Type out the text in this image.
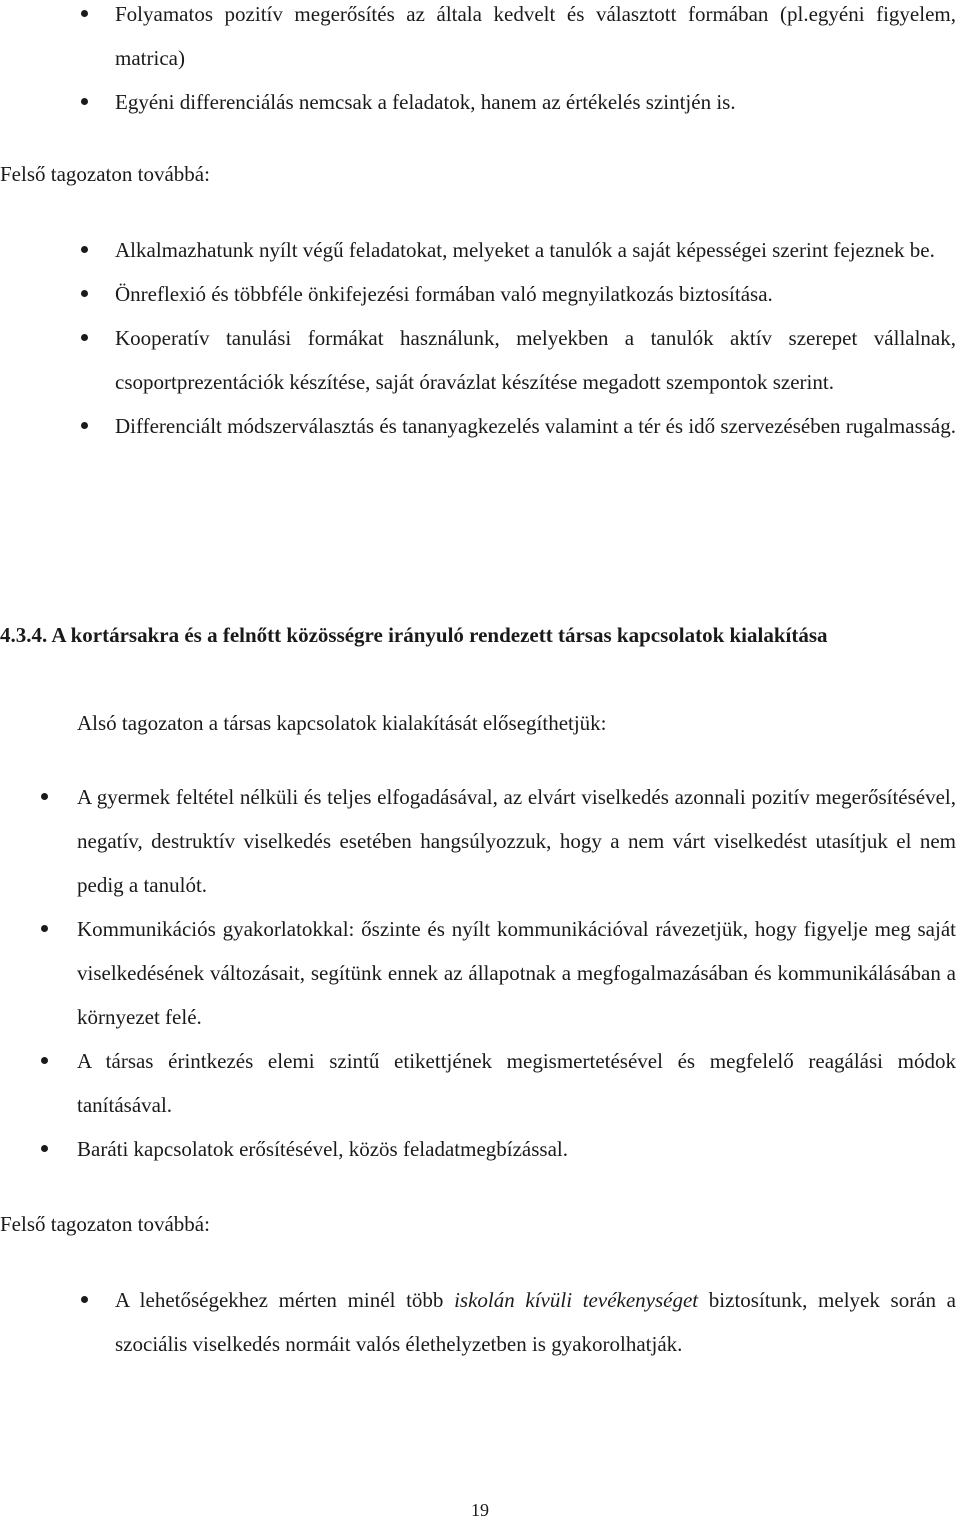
Folyamatos pozitív megerősítés az általa kedvelt és választott formában (pl.egyéni figyelem, matrica)
Egyéni differenciálás nemcsak a feladatok, hanem az értékelés szintjén is.
Felső tagozaton továbbá:
Alkalmazhatunk nyílt végű feladatokat, melyeket a tanulók a saját képességei szerint fejeznek be.
Önreflexió és többféle önkifejezési formában való megnyilatkozás biztosítása.
Kooperatív tanulási formákat használunk, melyekben a tanulók aktív szerepet vállalnak, csoportprezentációk készítése, saját óravázlat készítése megadott szempontok szerint.
Differenciált módszerválasztás és tananyagkezelés valamint a tér és idő szervezésében rugalmasság.
4.3.4. A kortársakra és a felnőtt közösségre irányuló rendezett társas kapcsolatok kialakítása
Alsó tagozaton a társas kapcsolatok kialakítását elősegíthetjük:
A gyermek feltétel nélküli és teljes elfogadásával, az elvárt viselkedés azonnali pozitív megerősítésével, negatív, destruktív viselkedés esetében hangsúlyozzuk, hogy a nem várt viselkedést utasítjuk el nem pedig a tanulót.
Kommunikációs gyakorlatokkal: őszinte és nyílt kommunikációval rávezetjük, hogy figyelje meg saját viselkedésének változásait, segítünk ennek az állapotnak a megfogalmazásában és kommunikálásában a környezet felé.
A társas érintkezés elemi szintű etikettjének megismertetésével és megfelelő reagálási módok tanításával.
Baráti kapcsolatok erősítésével, közös feladatmegbízással.
Felső tagozaton továbbá:
A lehetőségekhez mérten minél több iskolán kívüli tevékenységet biztosítunk, melyek során a szociális viselkedés normáit valós élethelyzetben is gyakorolhatják.
19
